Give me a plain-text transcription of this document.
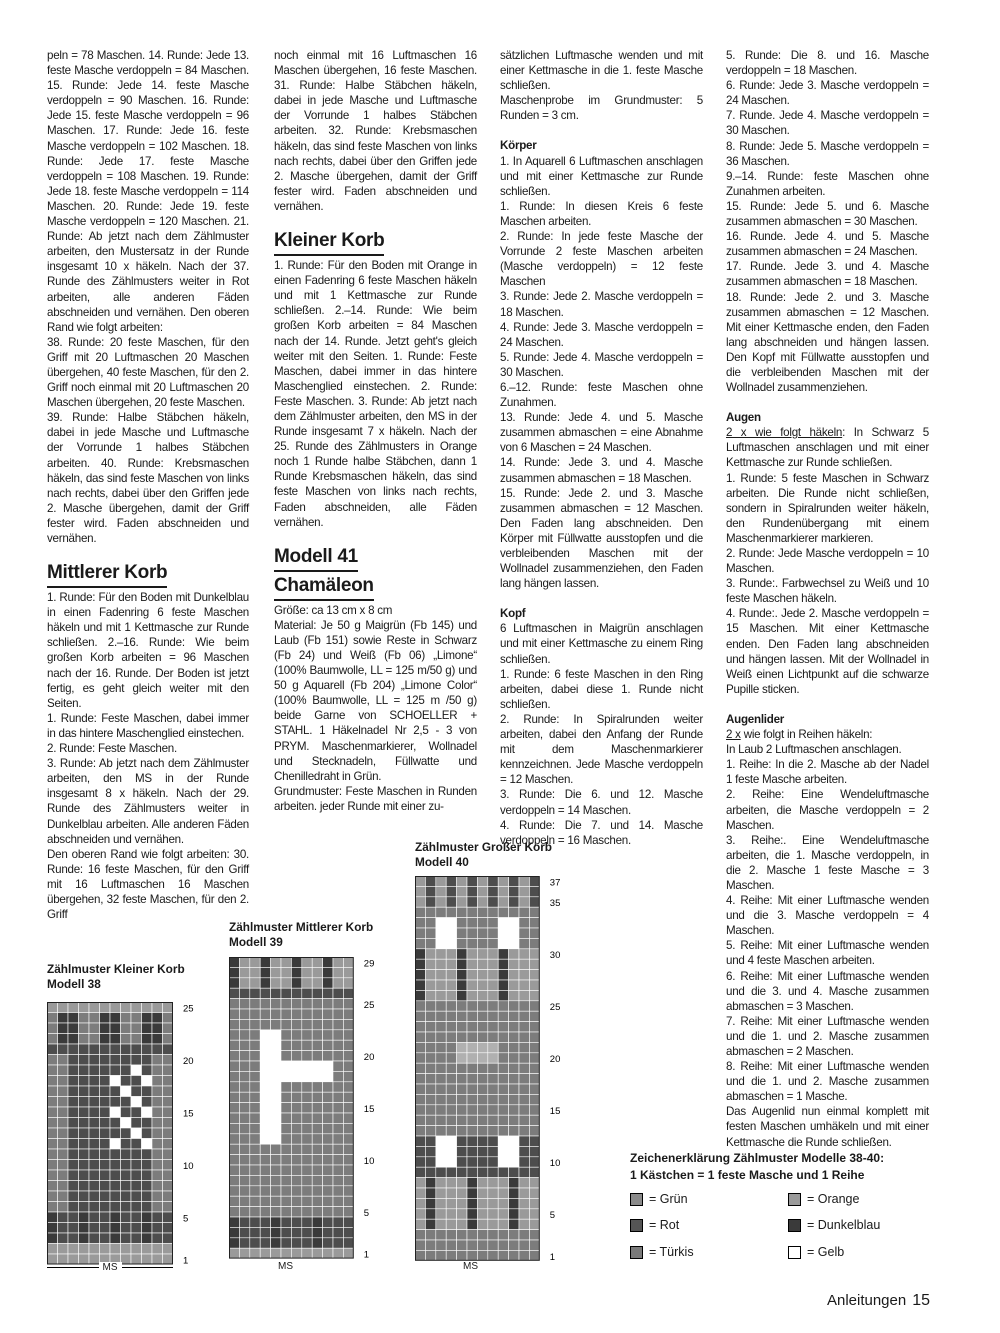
peln = 78 Maschen. 14. Runde: Jede 13. feste Masche verdoppeln = 84 Maschen. 15. Runde: Jede 14. feste Masche verdoppeln = 90 Maschen. 16. Runde: Jede 15. feste Masche verdoppeln = 96 Maschen. 17. Runde: Jede 16. feste Masche verdoppeln = 102 Maschen. 18. Runde: Jede 17. feste Masche verdoppeln = 108 Maschen. 19. Runde: Jede 18. feste Masche verdoppeln = 114 Maschen. 20. Runde: Jede 19. feste Masche verdoppeln = 120 Maschen. 21. Runde: Ab jetzt nach dem Zählmuster arbeiten, den Mustersatz in der Runde insgesamt 10 x häkeln. Nach der 37. Runde des Zählmusters weiter in Rot arbeiten, alle anderen Fäden abschneiden und vernähen. Den oberen Rand wie folgt arbeiten:

38. Runde: 20 feste Maschen, für den Griff mit 20 Luftmaschen 20 Maschen übergehen, 40 feste Maschen, für den 2. Griff noch einmal mit 20 Luftmaschen 20 Maschen übergehen, 20 feste Maschen.

39. Runde: Halbe Stäbchen häkeln, dabei in jede Masche und Luftmasche der Vorrunde 1 halbes Stäbchen arbeiten. 40. Runde: Krebsmaschen häkeln, das sind feste Maschen von links nach rechts, dabei über den Griffen jede 2. Masche übergehen, damit der Griff fester wird. Faden abschneiden und vernähen.

Mittlerer Korb

1. Runde: Für den Boden mit Dunkelblau in einen Fadenring 6 feste Maschen häkeln und mit 1 Kettmasche zur Runde schließen. 2.–16. Runde: Wie beim großen Korb arbeiten = 96 Maschen nach der 16. Runde. Der Boden ist jetzt fertig, es geht gleich weiter mit den Seiten.

1. Runde: Feste Maschen, dabei immer in das hintere Maschenglied einstechen.

2. Runde: Feste Maschen.

3. Runde: Ab jetzt nach dem Zählmuster arbeiten, den MS in der Runde insgesamt 8 x häkeln. Nach der 29. Runde des Zählmusters weiter in Dunkelblau arbeiten. Alle anderen Fäden abschneiden und vernähen.

Den oberen Rand wie folgt arbeiten: 30. Runde: 16 feste Maschen, für den Griff mit 16 Luftmaschen 16 Maschen übergehen, 32 feste Maschen, für den 2. Griff

noch einmal mit 16 Luftmaschen 16 Maschen übergehen, 16 feste Maschen. 31. Runde: Halbe Stäbchen häkeln, dabei in jede Masche und Luftmasche der Vorrunde 1 halbes Stäbchen arbeiten. 32. Runde: Krebsmaschen häkeln, das sind feste Maschen von links nach rechts, dabei über den Griffen jede 2. Masche übergehen, damit der Griff fester wird. Faden abschneiden und vernähen.

Kleiner Korb

1. Runde: Für den Boden mit Orange in einen Fadenring 6 feste Maschen häkeln und mit 1 Kettmasche zur Runde schließen. 2.–14. Runde: Wie beim großen Korb arbeiten = 84 Maschen nach der 14. Runde. Jetzt geht's gleich weiter mit den Seiten. 1. Runde: Feste Maschen, dabei immer in das hintere Maschenglied einstechen. 2. Runde: Feste Maschen. 3. Runde: Ab jetzt nach dem Zählmuster arbeiten, den MS in der Runde insgesamt 7 x häkeln. Nach der 25. Runde des Zählmusters in Orange noch 1 Runde halbe Stäbchen, dann 1 Runde Krebsmaschen häkeln, das sind feste Maschen von links nach rechts, Faden abschneiden, alle Fäden vernähen.

Modell 41
Chamäleon

Größe: ca 13 cm x 8 cm

Material: Je 50 g Maigrün (Fb 145) und Laub (Fb 151) sowie Reste in Schwarz (Fb 24) und Weiß (Fb 06) „Limone“ (100% Baumwolle, LL = 125 m/50 g) und 50 g Aquarell (Fb 204) „Limone Color“ (100% Baumwolle, LL = 125 m /50 g) beide Garne von SCHOELLER + STAHL. 1 Häkelnadel Nr 2,5 - 3 von PRYM. Maschenmarkierer, Wollnadel und Stecknadeln, Füllwatte und Chenilledraht in Grün.

Grundmuster: Feste Maschen in Runden arbeiten. jeder Runde mit einer zu-

sätzlichen Luftmasche wenden und mit einer Kettmasche in die 1. feste Masche schließen.

Maschenprobe im Grundmuster: 5 Runden = 3 cm.

Körper

1. In Aquarell 6 Luftmaschen anschlagen und mit einer Kettmasche zur Runde schließen.

1. Runde: In diesen Kreis 6 feste Maschen arbeiten.

2. Runde: In jede feste Masche der Vorrunde 2 feste Maschen arbeiten (Masche verdoppeln) = 12 feste Maschen

3. Runde: Jede 2. Masche verdoppeln = 18 Maschen.

4. Runde: Jede 3. Masche verdoppeln = 24 Maschen.

5. Runde: Jede 4. Masche verdoppeln = 30 Maschen.

6.–12. Runde: feste Maschen ohne Zunahmen.

13. Runde: Jede 4. und 5. Masche zusammen abmaschen = eine Abnahme von 6 Maschen = 24 Maschen.

14. Runde: Jede 3. und 4. Masche zusammen abmaschen = 18 Maschen.

15. Runde: Jede 2. und 3. Masche zusammen abmaschen = 12 Maschen. Den Faden lang abschneiden. Den Körper mit Füllwatte ausstopfen und die verbleibenden Maschen mit der Wollnadel zusammenziehen, den Faden lang hängen lassen.

Kopf

6 Luftmaschen in Maigrün anschlagen und mit einer Kettmasche zu einem Ring schließen.

1. Runde: 6 feste Maschen in den Ring arbeiten, dabei diese 1. Runde nicht schließen.

2. Runde: In Spiralrunden weiter arbeiten, dabei den Anfang der Runde mit dem Maschenmarkierer kennzeichnen. Jede Masche verdoppeln = 12 Maschen.

3. Runde: Die 6. und 12. Masche verdoppeln = 14 Maschen.

4. Runde: Die 7. und 14. Masche verdoppeln = 16 Maschen.

5. Runde: Die 8. und 16. Masche verdoppeln = 18 Maschen.

6. Runde: Jede 3. Masche verdoppeln = 24 Maschen.

7. Runde. Jede 4. Masche verdoppeln = 30 Maschen.

8. Runde: Jede 5. Masche verdoppeln = 36 Maschen.

9.–14. Runde: feste Maschen ohne Zunahmen arbeiten.

15. Runde: Jede 5. und 6. Masche zusammen abmaschen = 30 Maschen.

16. Runde. Jede 4. und 5. Masche zusammen abmaschen = 24 Maschen.

17. Runde. Jede 3. und 4. Masche zusammen abmaschen = 18 Maschen.

18. Runde: Jede 2. und 3. Masche zusammen abmaschen = 12 Maschen. Mit einer Kettmasche enden, den Faden lang abschneiden und hängen lassen. Den Kopf mit Füllwatte ausstopfen und die verbleibenden Maschen mit der Wollnadel zusammenziehen.

Augen

2 x wie folgt häkeln: In Schwarz 5 Luftmaschen anschlagen und mit einer Kettmasche zur Runde schließen.

1. Runde: 5 feste Maschen in Schwarz arbeiten. Die Runde nicht schließen, sondern in Spiralrunden weiter häkeln, den Rundenübergang mit einem Maschenmarkierer markieren.

2. Runde: Jede Masche verdoppeln = 10 Maschen.

3. Runde:. Farbwechsel zu Weiß und 10 feste Maschen häkeln.

4. Runde:. Jede 2. Masche verdoppeln = 15 Maschen. Mit einer Kettmasche enden. Den Faden lang abschneiden und hängen lassen. Mit der Wollnadel in Weiß einen Lichtpunkt auf die schwarze Pupille sticken.

Augenlider

2 x wie folgt in Reihen häkeln:

In Laub 2 Luftmaschen anschlagen.

1. Reihe: In die 2. Masche ab der Nadel 1 feste Masche arbeiten.

2. Reihe: Eine Wendeluftmasche arbeiten, die Masche verdoppeln = 2 Maschen.

3. Reihe:. Eine Wendeluftmasche arbeiten, die 1. Masche verdoppeln, in die 2. Masche 1 feste Masche = 3 Maschen.

4. Reihe: Mit einer Luftmasche wenden und die 3. Masche verdoppeln = 4 Maschen.

5. Reihe: Mit einer Luftmasche wenden und 4 feste Maschen arbeiten.

6. Reihe: Mit einer Luftmasche wenden und die 3. und 4. Masche zusammen abmaschen = 3 Maschen.

7. Reihe: Mit einer Luftmasche wenden und die 1. und 2. Masche zusammen abmaschen = 2 Maschen.

8. Reihe: Mit einer Luftmasche wenden und die 1. und 2. Masche zusammen abmaschen = 1 Masche.

Das Augenlid nun einmal komplett mit festen Maschen umhäkeln und mit einer Kettmasche die Runde schließen.

Zählmuster Kleiner Korb
Modell 38
Zählmuster Mittlerer Korb
Modell 39
Zählmuster Großer Korb
Modell 40
25
20
15
10
5
1
29
25
20
15
10
5
1
37
35
30
25
20
15
10
5
1
MS	MS	MS
Zeichenerklärung Zählmuster Modelle 38-40:
1 Kästchen = 1 feste Masche und 1 Reihe
= Grün	= Orange
= Rot	= Dunkelblau
= Türkis	= Gelb
Anleitungen 15
